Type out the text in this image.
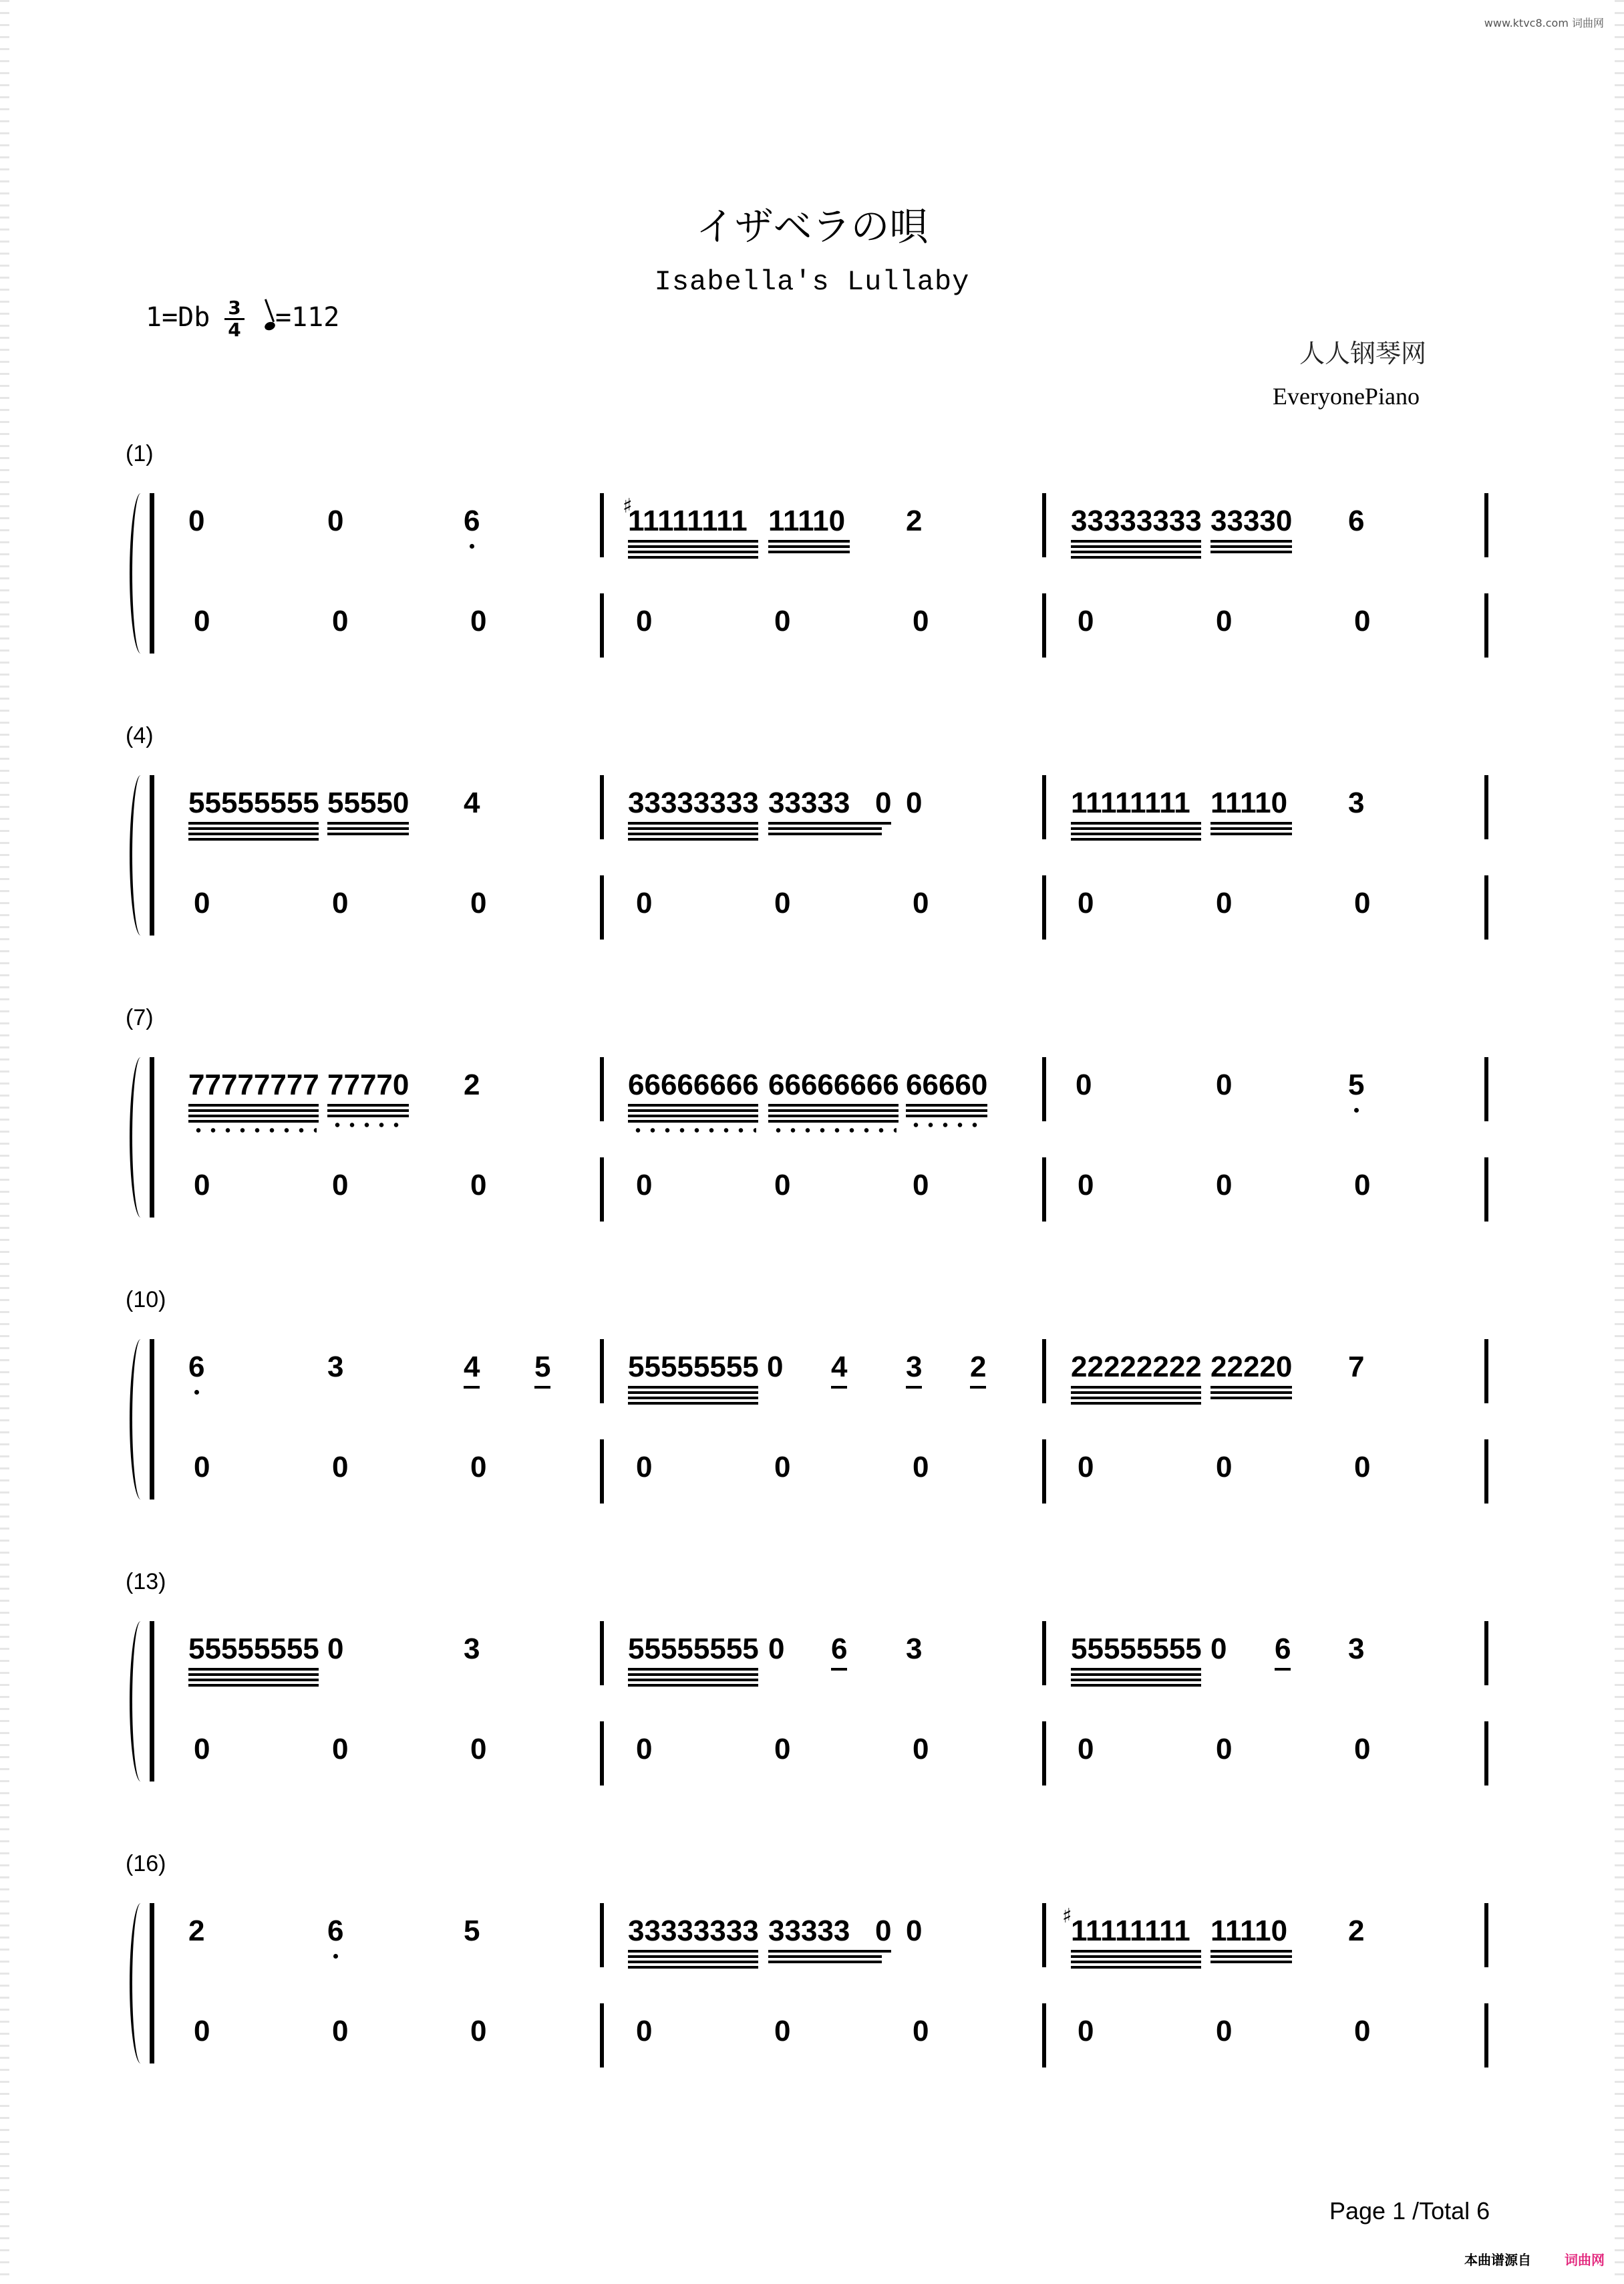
www.ktvc8.com 词曲网
イザベラの唄
Isabella's Lullaby
$1=Db \frac{3}{4}$	=112
人人钢琴网
EveryonePiano
(1)
0	0	6	11111111 11110 2	33333333 33330 6
♯
0	0	0	0	0	0	0	0	0
(4)
55555555 55550 4	33333333 33333 0 0	11111111 11110 3
0	0	0	0	0	0	0	0	0
(7)
77777777 77770 2	66666666 66666666 66660	0	0	5
0	0	0	0	0	0	0	0	0
(10)
6	3	4 5	55555555 0 4 3 2	22222222 22220 7
0	0	0	0	0	0	0	0	0
(13)
55555555 0	3	55555555 0 6 3	55555555 0 6 3
0	0	0	0	0	0	0	0	0
(16)
2	6	5	33333333 33333 0 0	11111111 11110 2
♯
0	0	0	0	0	0	0	0	0
Page 1 /Total 6
本曲谱源自	词曲网
